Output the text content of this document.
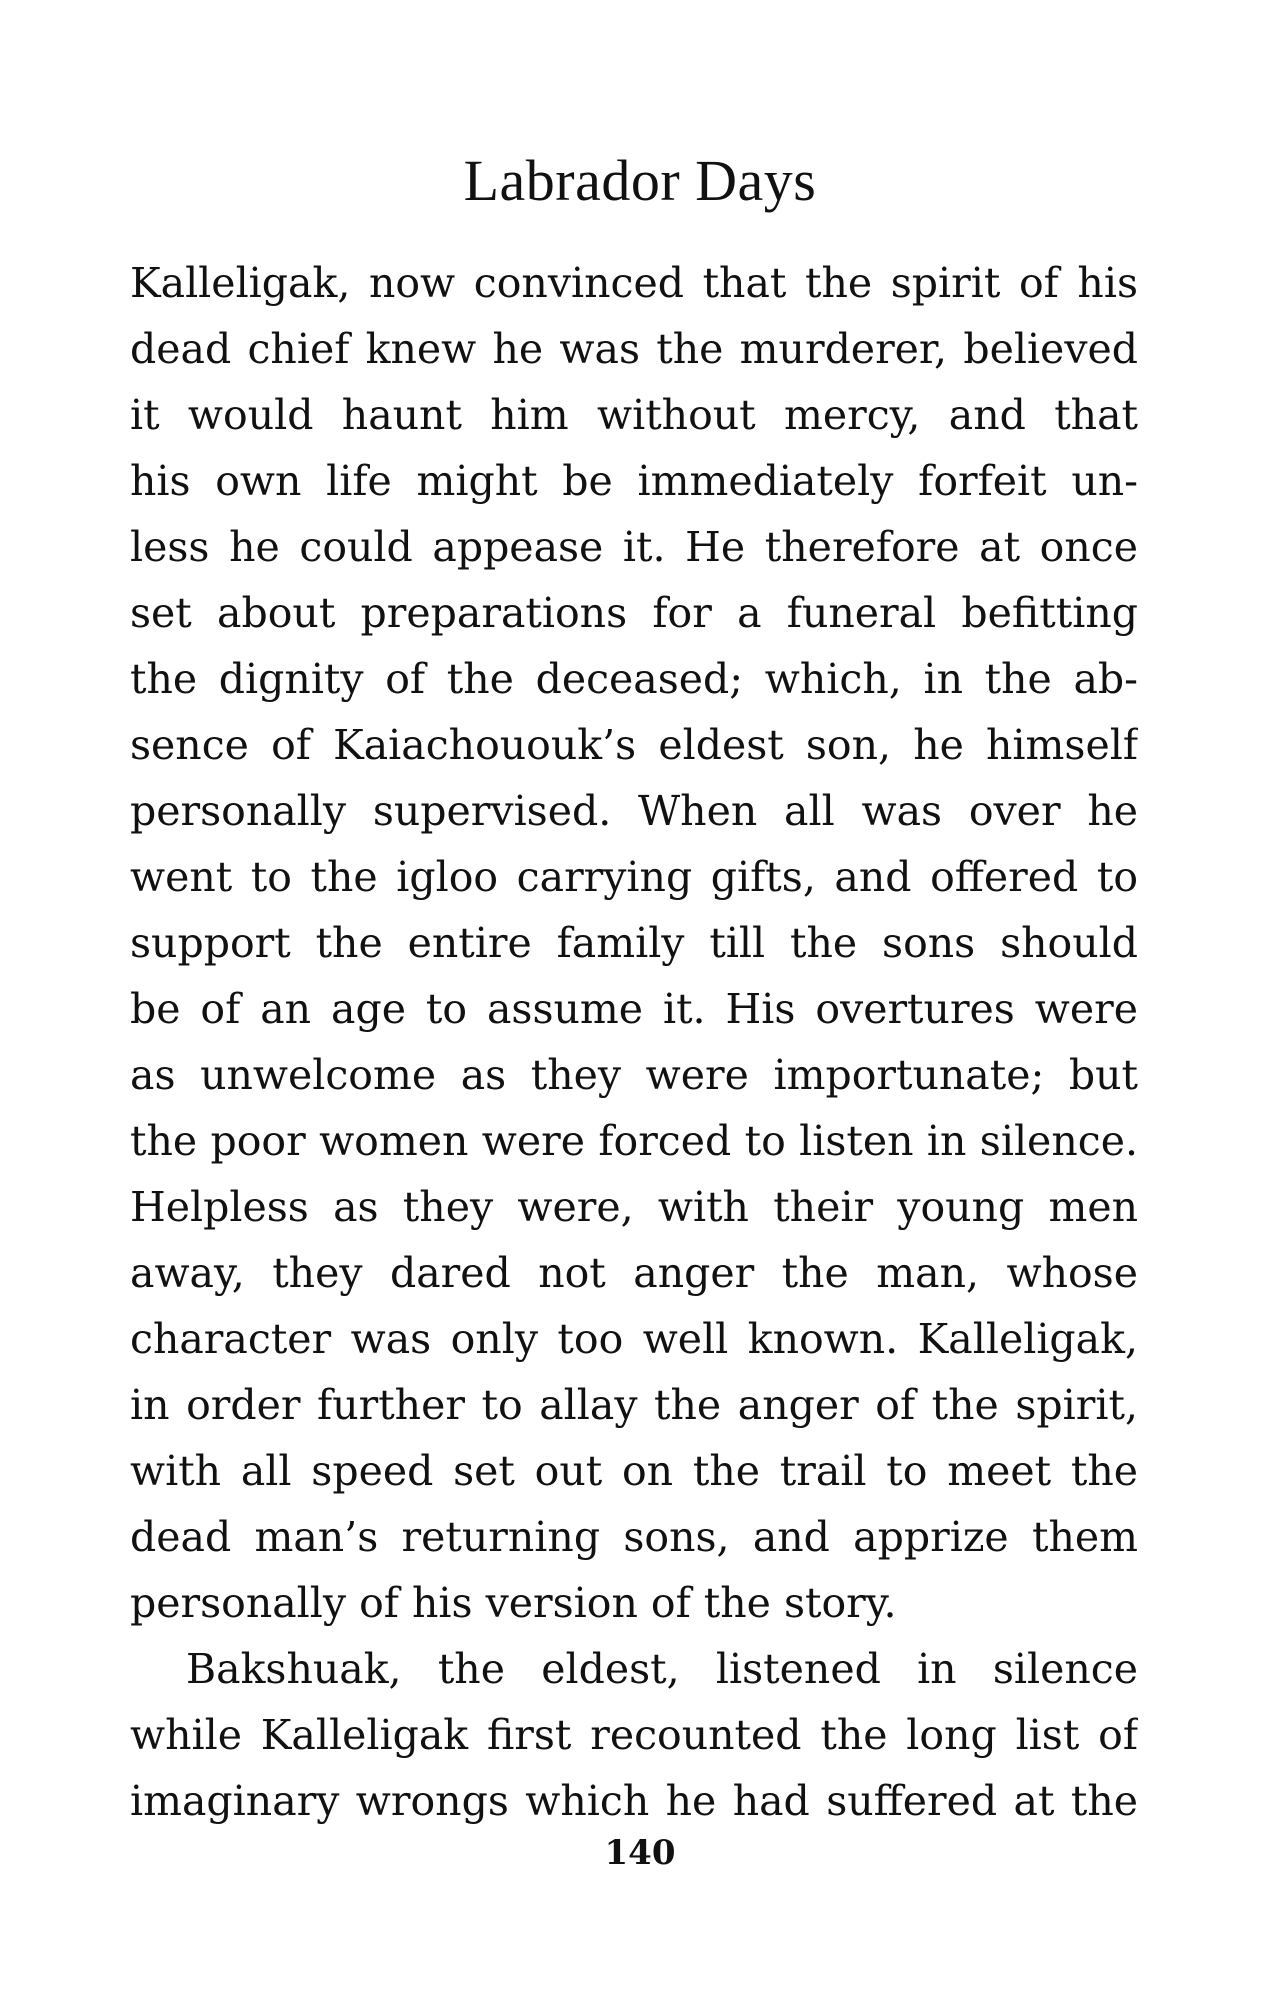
Labrador Days
Kalleligak, now convinced that the spirit of his
dead chief knew he was the murderer, believed
it would haunt him without mercy, and that
his own life might be immediately forfeit un-
less he could appease it. He therefore at once
set about preparations for a funeral befitting
the dignity of the deceased; which, in the ab-
sence of Kaiachououk’s eldest son, he himself
personally supervised. When all was over he
went to the igloo carrying gifts, and offered to
support the entire family till the sons should
be of an age to assume it. His overtures were
as unwelcome as they were importunate; but
the poor women were forced to listen in silence.
Helpless as they were, with their young men
away, they dared not anger the man, whose
character was only too well known. Kalleligak,
in order further to allay the anger of the spirit,
with all speed set out on the trail to meet the
dead man’s returning sons, and apprize them
personally of his version of the story.
Bakshuak, the eldest, listened in silence
while Kalleligak first recounted the long list of
imaginary wrongs which he had suffered at the
140
